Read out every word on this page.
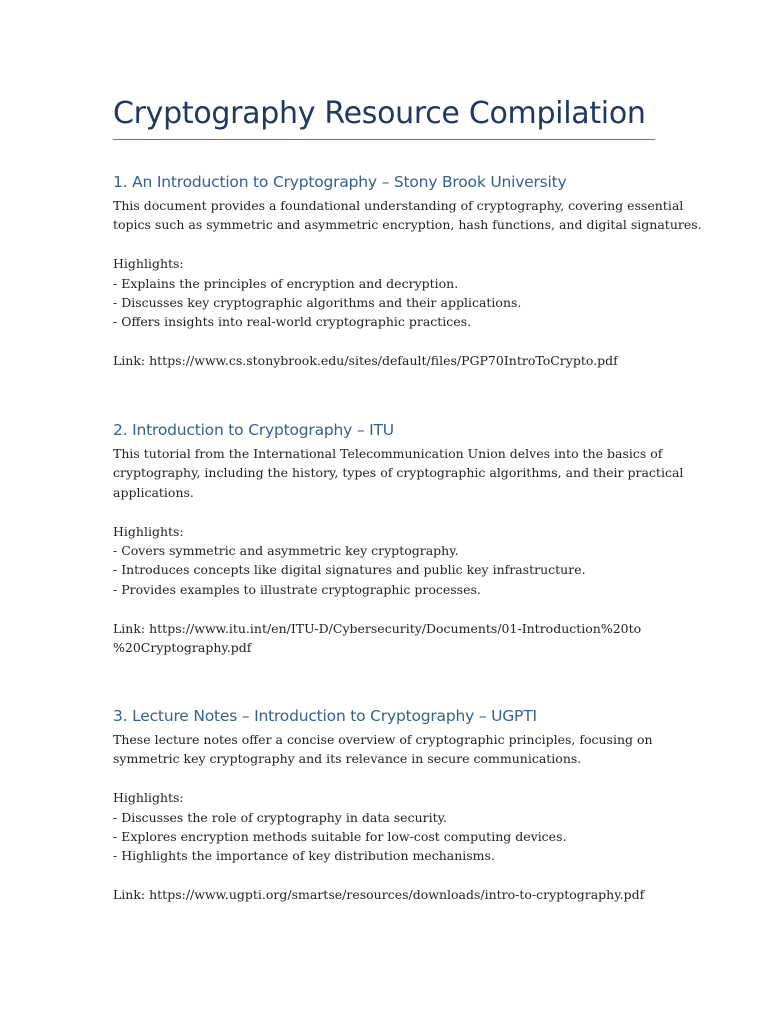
Cryptography Resource Compilation
1. An Introduction to Cryptography – Stony Brook University
This document provides a foundational understanding of cryptography, covering essential
topics such as symmetric and asymmetric encryption, hash functions, and digital signatures.
Highlights:
- Explains the principles of encryption and decryption.
- Discusses key cryptographic algorithms and their applications.
- Offers insights into real-world cryptographic practices.
Link: https://www.cs.stonybrook.edu/sites/default/files/PGP70IntroToCrypto.pdf
2. Introduction to Cryptography – ITU
This tutorial from the International Telecommunication Union delves into the basics of
cryptography, including the history, types of cryptographic algorithms, and their practical
applications.
Highlights:
- Covers symmetric and asymmetric key cryptography.
- Introduces concepts like digital signatures and public key infrastructure.
- Provides examples to illustrate cryptographic processes.
Link: https://www.itu.int/en/ITU-D/Cybersecurity/Documents/01-Introduction%20to
%20Cryptography.pdf
3. Lecture Notes – Introduction to Cryptography – UGPTI
These lecture notes offer a concise overview of cryptographic principles, focusing on
symmetric key cryptography and its relevance in secure communications.
Highlights:
- Discusses the role of cryptography in data security.
- Explores encryption methods suitable for low-cost computing devices.
- Highlights the importance of key distribution mechanisms.
Link: https://www.ugpti.org/smartse/resources/downloads/intro-to-cryptography.pdf
